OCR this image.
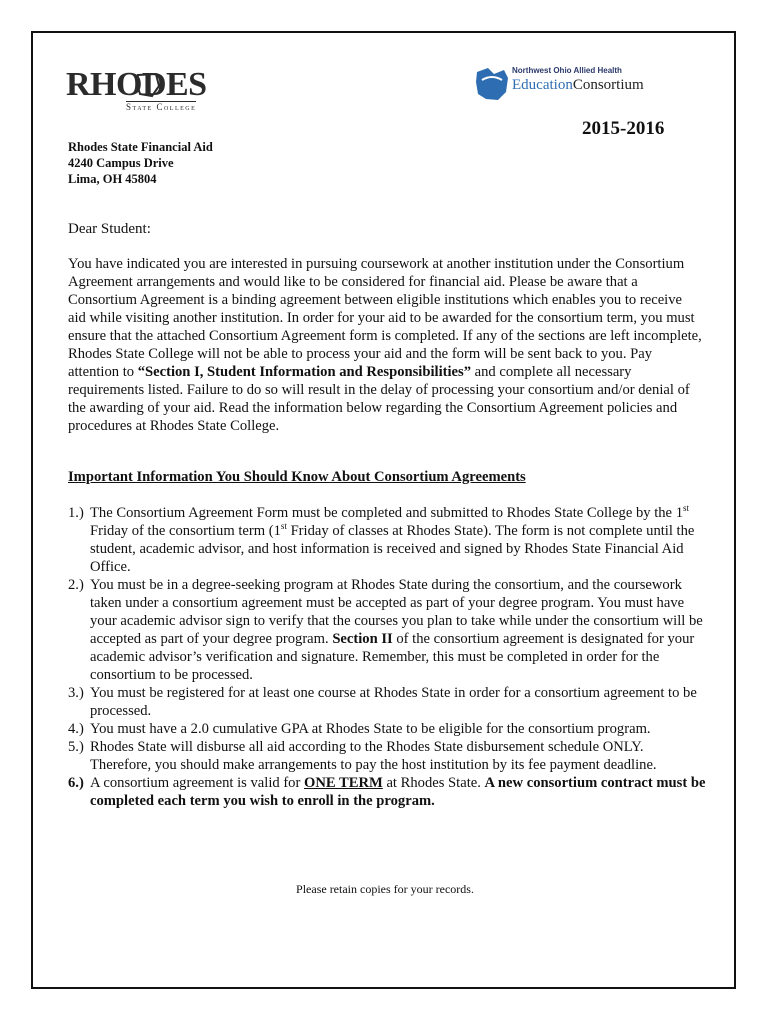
RHODES
State College
Northwest Ohio Allied Health
EducationConsortium
2015-2016
Rhodes State Financial Aid
4240 Campus Drive
Lima, OH 45804
Dear Student:
You have indicated you are interested in pursuing coursework at another institution under the Consortium Agreement arrangements and would like to be considered for financial aid. Please be aware that a Consortium Agreement is a binding agreement between eligible institutions which enables you to receive aid while visiting another institution. In order for your aid to be awarded for the consortium term, you must ensure that the attached Consortium Agreement form is completed. If any of the sections are left incomplete, Rhodes State College will not be able to process your aid and the form will be sent back to you. Pay attention to “Section I, Student Information and Responsibilities” and complete all necessary requirements listed. Failure to do so will result in the delay of processing your consortium and/or denial of the awarding of your aid. Read the information below regarding the Consortium Agreement policies and procedures at Rhodes State College.
Important Information You Should Know About Consortium Agreements
1.) The Consortium Agreement Form must be completed and submitted to Rhodes State College by the 1st Friday of the consortium term (1st Friday of classes at Rhodes State). The form is not complete until the student, academic advisor, and host information is received and signed by Rhodes State Financial Aid Office.
2.) You must be in a degree-seeking program at Rhodes State during the consortium, and the coursework taken under a consortium agreement must be accepted as part of your degree program. You must have your academic advisor sign to verify that the courses you plan to take while under the consortium will be accepted as part of your degree program. Section II of the consortium agreement is designated for your academic advisor’s verification and signature. Remember, this must be completed in order for the consortium to be processed.
3.) You must be registered for at least one course at Rhodes State in order for a consortium agreement to be processed.
4.) You must have a 2.0 cumulative GPA at Rhodes State to be eligible for the consortium program.
5.) Rhodes State will disburse all aid according to the Rhodes State disbursement schedule ONLY. Therefore, you should make arrangements to pay the host institution by its fee payment deadline.
6.) A consortium agreement is valid for ONE TERM at Rhodes State. A new consortium contract must be completed each term you wish to enroll in the program.
Please retain copies for your records.
